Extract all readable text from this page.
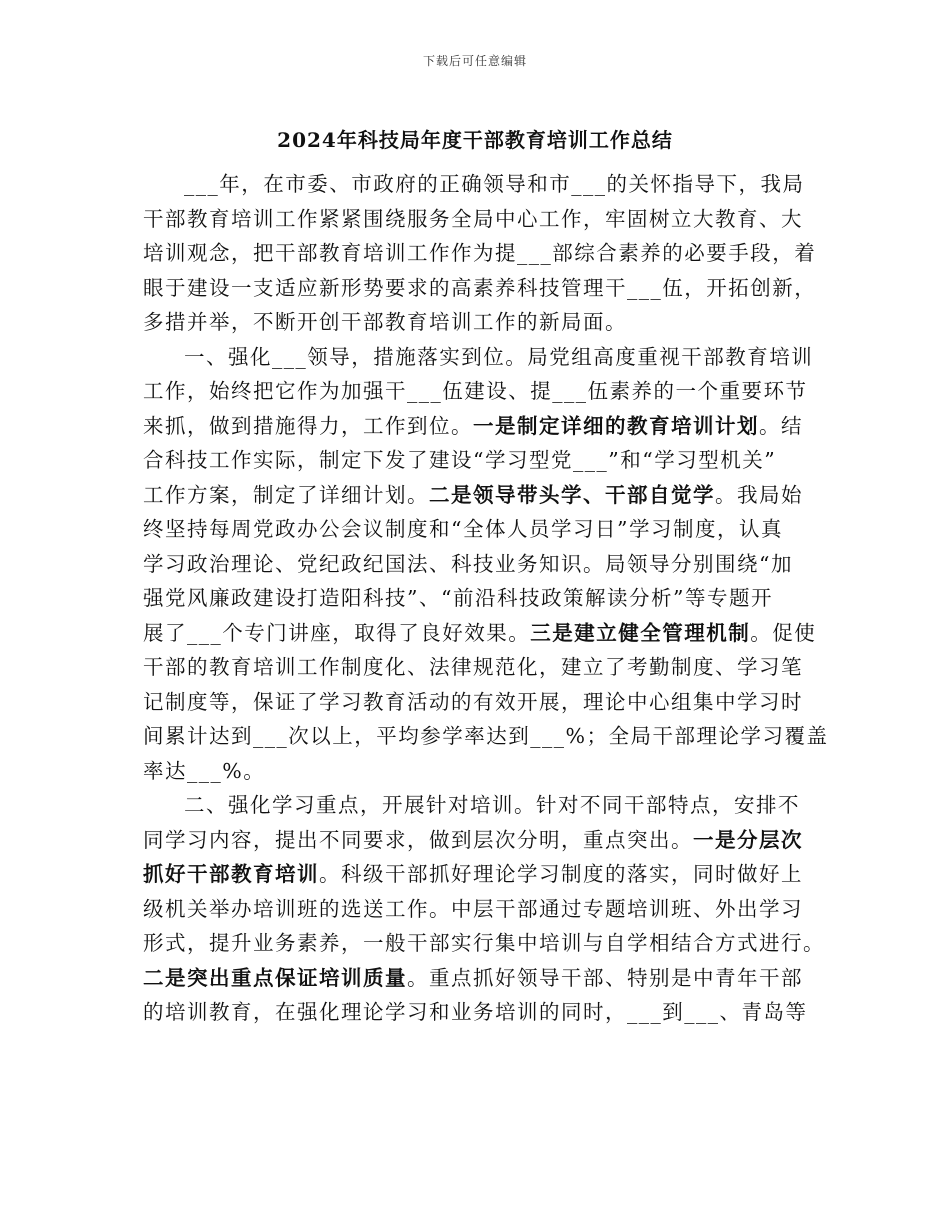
下载后可任意编辑
2024年科技局年度干部教育培训工作总结
___年，在市委、市政府的正确领导和市___的关怀指导下，我局
干部教育培训工作紧紧围绕服务全局中心工作，牢固树立大教育、大
培训观念，把干部教育培训工作作为提___部综合素养的必要手段，着
眼于建设一支适应新形势要求的高素养科技管理干___伍，开拓创新，
多措并举，不断开创干部教育培训工作的新局面。
一、强化___领导，措施落实到位。局党组高度重视干部教育培训
工作，始终把它作为加强干___伍建设、提___伍素养的一个重要环节
来抓，做到措施得力，工作到位。一是制定详细的教育培训计划。结
合科技工作实际，制定下发了建设“学习型党___”和“学习型机关”
工作方案，制定了详细计划。二是领导带头学、干部自觉学。我局始
终坚持每周党政办公会议制度和“全体人员学习日”学习制度，认真
学习政治理论、党纪政纪国法、科技业务知识。局领导分别围绕“加
强党风廉政建设打造阳科技”、“前沿科技政策解读分析”等专题开
展了___个专门讲座，取得了良好效果。三是建立健全管理机制。促使
干部的教育培训工作制度化、法律规范化，建立了考勤制度、学习笔
记制度等，保证了学习教育活动的有效开展，理论中心组集中学习时
间累计达到___次以上，平均参学率达到___%；全局干部理论学习覆盖
率达___%。
二、强化学习重点，开展针对培训。针对不同干部特点，安排不
同学习内容，提出不同要求，做到层次分明，重点突出。一是分层次
抓好干部教育培训。科级干部抓好理论学习制度的落实，同时做好上
级机关举办培训班的选送工作。中层干部通过专题培训班、外出学习
形式，提升业务素养，一般干部实行集中培训与自学相结合方式进行。
二是突出重点保证培训质量。重点抓好领导干部、特别是中青年干部
的培训教育，在强化理论学习和业务培训的同时，___到___、青岛等
